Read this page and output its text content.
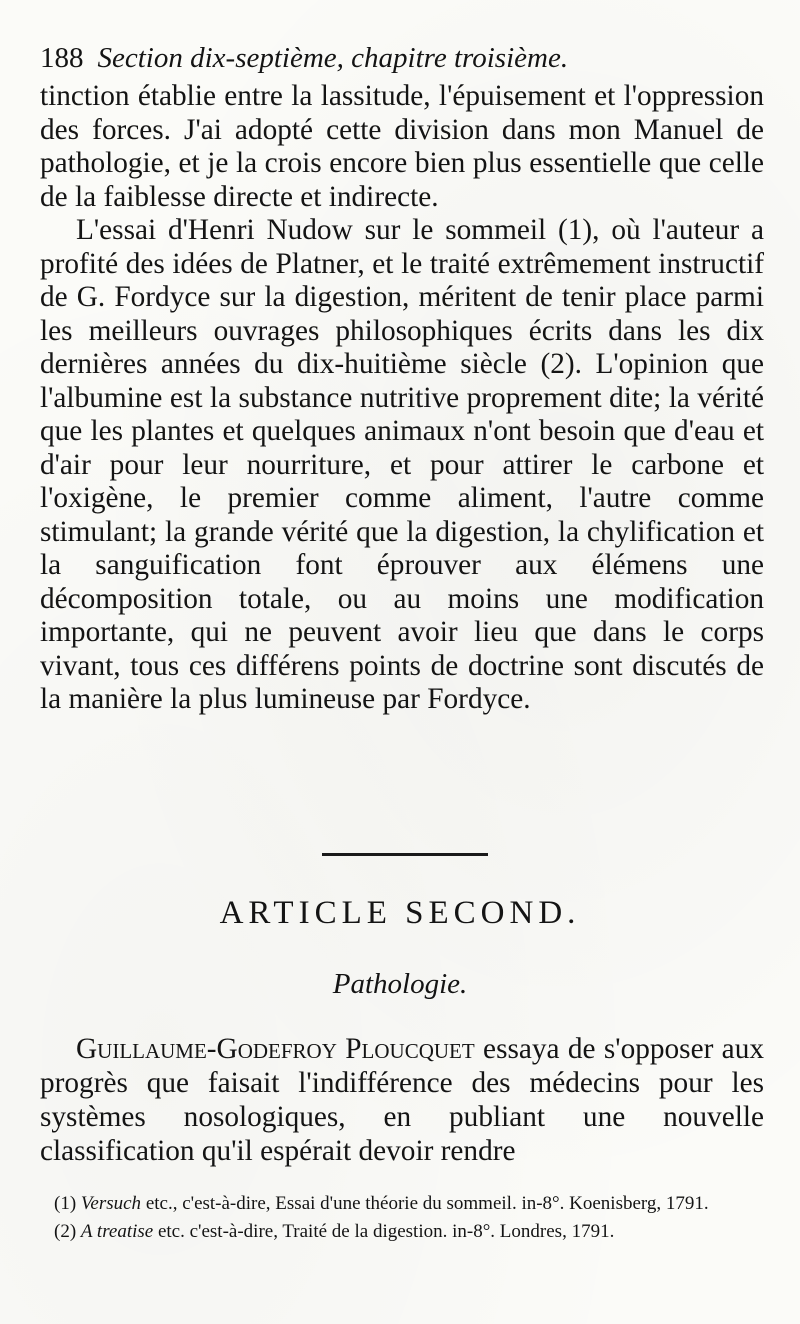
188 Section dix-septième, chapitre troisième.

tinction établie entre la lassitude, l'épuisement et l'oppression des forces. J'ai adopté cette division dans mon Manuel de pathologie, et je la crois encore bien plus essentielle que celle de la faiblesse directe et indirecte.

L'essai d'Henri Nudow sur le sommeil (1), où l'auteur a profité des idées de Platner, et le traité extrêmement instructif de G. Fordyce sur la digestion, méritent de tenir place parmi les meilleurs ouvrages philosophiques écrits dans les dix dernières années du dix-huitième siècle (2). L'opinion que l'albumine est la substance nutritive proprement dite; la vérité que les plantes et quelques animaux n'ont besoin que d'eau et d'air pour leur nourriture, et pour attirer le carbone et l'oxigène, le premier comme aliment, l'autre comme stimulant; la grande vérité que la digestion, la chylification et la sanguification font éprouver aux élémens une décomposition totale, ou au moins une modification importante, qui ne peuvent avoir lieu que dans le corps vivant, tous ces différens points de doctrine sont discutés de la manière la plus lumineuse par Fordyce.

ARTICLE SECOND.
Pathologie.

Guillaume-Godefroy Ploucquet essaya de s'opposer aux progrès que faisait l'indifférence des médecins pour les systèmes nosologiques, en publiant une nouvelle classification qu'il espérait devoir rendre

(1) Versuch etc., c'est-à-dire, Essai d'une théorie du sommeil. in-8°. Koenisberg, 1791.

(2) A treatise etc. c'est-à-dire, Traité de la digestion. in-8°. Londres, 1791.
